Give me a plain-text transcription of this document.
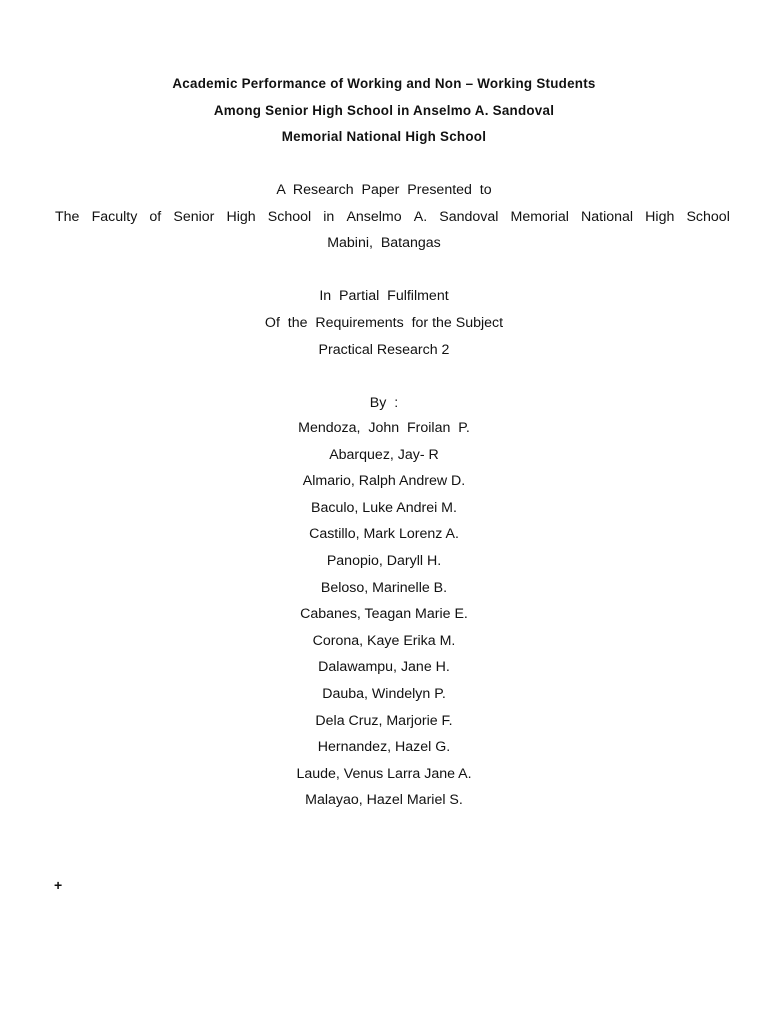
Academic Performance of Working and Non – Working Students
Among Senior High School in Anselmo A. Sandoval
Memorial National High School
A  Research  Paper  Presented  to
The Faculty of Senior High School in Anselmo A. Sandoval Memorial National High School
Mabini,  Batangas
In  Partial  Fulfilment
Of  the  Requirements  for the Subject
Practical Research 2
By  :
Mendoza,  John  Froilan  P.
Abarquez, Jay- R
Almario, Ralph Andrew D.
Baculo, Luke Andrei M.
Castillo, Mark Lorenz A.
Panopio, Daryll H.
Beloso, Marinelle B.
Cabanes, Teagan Marie E.
Corona, Kaye Erika M.
Dalawampu, Jane H.
Dauba, Windelyn P.
Dela Cruz, Marjorie F.
Hernandez, Hazel G.
Laude, Venus Larra Jane A.
Malayao, Hazel Mariel S.
+
